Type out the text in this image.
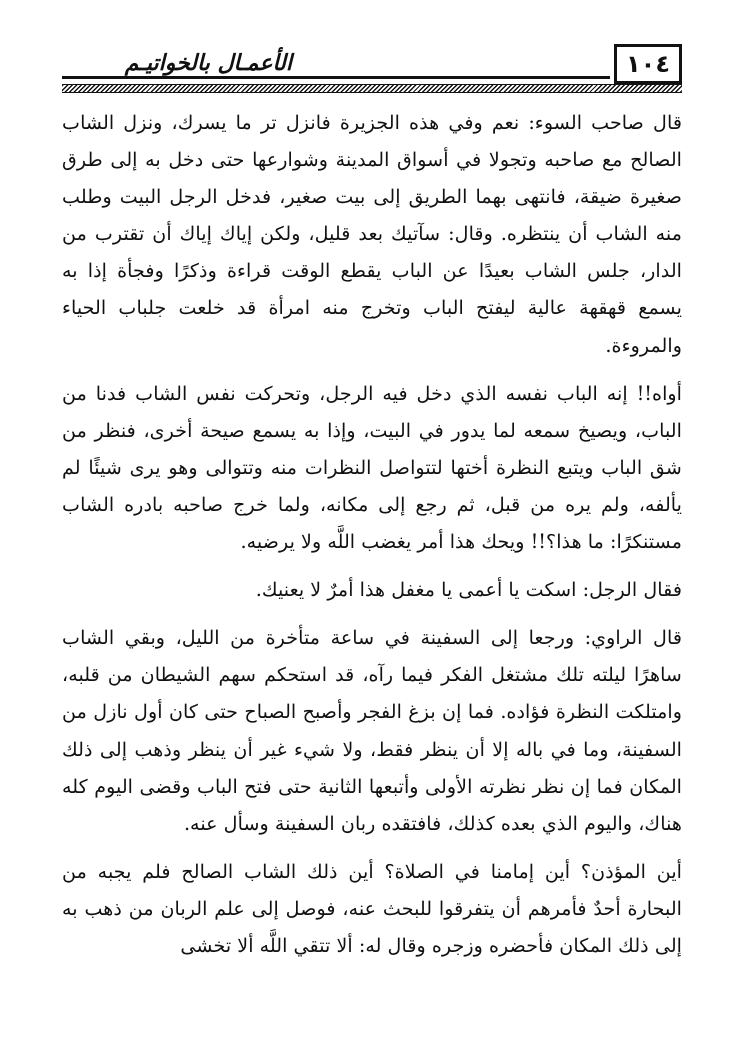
١٠٤
الأعمـال بالخواتيـم

قال صاحب السوء: نعم وفي هذه الجزيرة فانزل تر ما يسرك، ونزل الشاب الصالح مع صاحبه وتجولا في أسواق المدينة وشوارعها حتى دخل به إلى طرق صغيرة ضيقة، فانتهى بهما الطريق إلى بيت صغير، فدخل الرجل البيت وطلب منه الشاب أن ينتظره. وقال: سآتيك بعد قليل، ولكن إياك إياك أن تقترب من الدار، جلس الشاب بعيدًا عن الباب يقطع الوقت قراءة وذكرًا وفجأة إذا به يسمع قهقهة عالية ليفتح الباب وتخرج منه امرأة قد خلعت جلباب الحياء والمروءة.

أواه!! إنه الباب نفسه الذي دخل فيه الرجل، وتحركت نفس الشاب فدنا من الباب، ويصيخ سمعه لما يدور في البيت، وإذا به يسمع صيحة أخرى، فنظر من شق الباب ويتبع النظرة أختها لتتواصل النظرات منه وتتوالى وهو يرى شيئًا لم يألفه، ولم يره من قبل، ثم رجع إلى مكانه، ولما خرج صاحبه بادره الشاب مستنكرًا: ما هذا؟!! ويحك هذا أمر يغضب اللَّه ولا يرضيه.

فقال الرجل: اسكت يا أعمى يا مغفل هذا أمرٌ لا يعنيك.

قال الراوي: ورجعا إلى السفينة في ساعة متأخرة من الليل، وبقي الشاب ساهرًا ليلته تلك مشتغل الفكر فيما رآه، قد استحكم سهم الشيطان من قلبه، وامتلكت النظرة فؤاده. فما إن بزغ الفجر وأصبح الصباح حتى كان أول نازل من السفينة، وما في باله إلا أن ينظر فقط، ولا شيء غير أن ينظر وذهب إلى ذلك المكان فما إن نظر نظرته الأولى وأتبعها الثانية حتى فتح الباب وقضى اليوم كله هناك، واليوم الذي بعده كذلك، فافتقده ربان السفينة وسأل عنه.

أين المؤذن؟ أين إمامنا في الصلاة؟ أين ذلك الشاب الصالح فلم يجبه من البحارة أحدٌ فأمرهم أن يتفرقوا للبحث عنه، فوصل إلى علم الربان من ذهب به إلى ذلك المكان فأحضره وزجره وقال له: ألا تتقي اللَّه ألا تخشى
